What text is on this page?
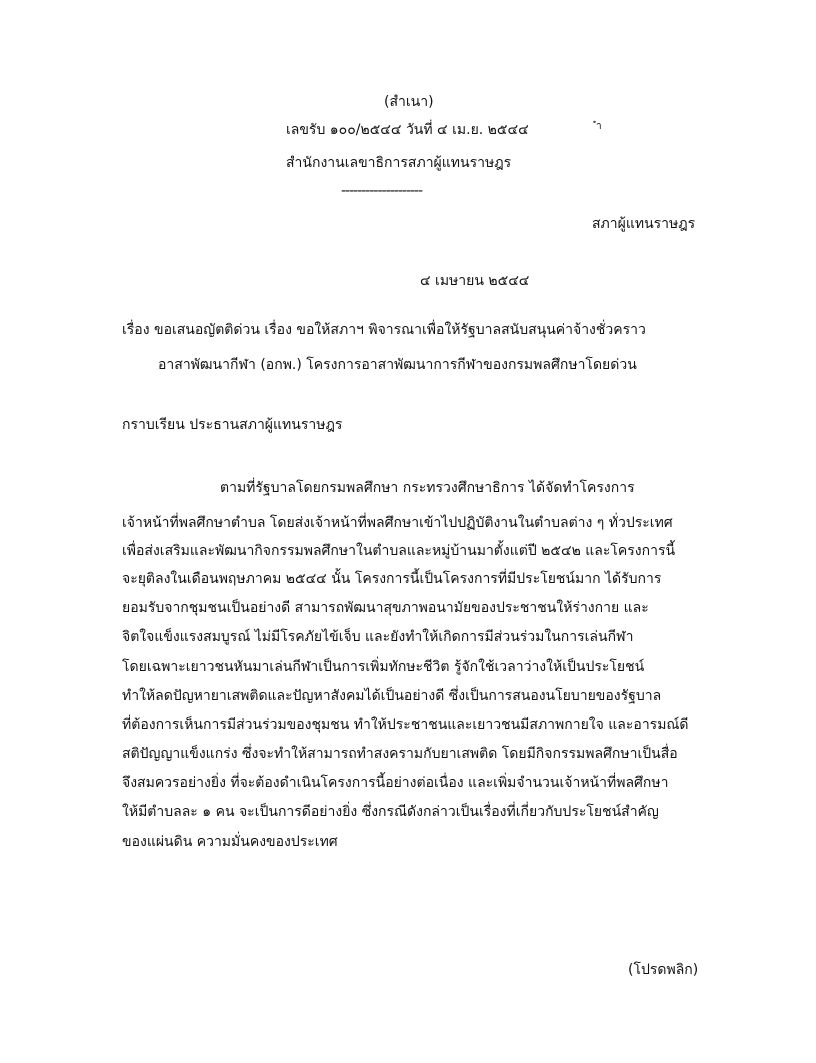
(สำเนา)
เลขรับ ๑๐๐/๒๕๔๔ วันที่ ๔ เม.ย. ๒๕๔๔	ำ
สำนักงานเลขาธิการสภาผู้แทนราษฎร
--------------------
สภาผู้แทนราษฎร
๔ เมษายน ๒๕๔๔
เรื่อง ขอเสนอญัตติด่วน เรื่อง ขอให้สภาฯ พิจารณาเพื่อให้รัฐบาลสนับสนุนค่าจ้างชั่วคราว
อาสาพัฒนากีฬา (อกพ.) โครงการอาสาพัฒนาการกีฬาของกรมพลศึกษาโดยด่วน
กราบเรียน ประธานสภาผู้แทนราษฎร
ตามที่รัฐบาลโดยกรมพลศึกษา กระทรวงศึกษาธิการ ได้จัดทำโครงการ
เจ้าหน้าที่พลศึกษาตำบล โดยส่งเจ้าหน้าที่พลศึกษาเข้าไปปฏิบัติงานในตำบลต่าง ๆ ทั่วประเทศ
เพื่อส่งเสริมและพัฒนากิจกรรมพลศึกษาในตำบลและหมู่บ้านมาตั้งแต่ปี ๒๕๔๒ และโครงการนี้
จะยุติลงในเดือนพฤษภาคม ๒๕๔๔ นั้น โครงการนี้เป็นโครงการที่มีประโยชน์มาก ได้รับการ
ยอมรับจากชุมชนเป็นอย่างดี สามารถพัฒนาสุขภาพอนามัยของประชาชนให้ร่างกาย และ
จิตใจแข็งแรงสมบูรณ์ ไม่มีโรคภัยไข้เจ็บ และยังทำให้เกิดการมีส่วนร่วมในการเล่นกีฬา
โดยเฉพาะเยาวชนหันมาเล่นกีฬาเป็นการเพิ่มทักษะชีวิต รู้จักใช้เวลาว่างให้เป็นประโยชน์
ทำให้ลดปัญหายาเสพติดและปัญหาสังคมได้เป็นอย่างดี ซึ่งเป็นการสนองนโยบายของรัฐบาล
ที่ต้องการเห็นการมีส่วนร่วมของชุมชน ทำให้ประชาชนและเยาวชนมีสภาพกายใจ และอารมณ์ดี
สติปัญญาแข็งแกร่ง ซึ่งจะทำให้สามารถทำสงครามกับยาเสพติด โดยมีกิจกรรมพลศึกษาเป็นสื่อ
จึงสมควรอย่างยิ่ง ที่จะต้องดำเนินโครงการนี้อย่างต่อเนื่อง และเพิ่มจำนวนเจ้าหน้าที่พลศึกษา
ให้มีตำบลละ ๑ คน จะเป็นการดีอย่างยิ่ง ซึ่งกรณีดังกล่าวเป็นเรื่องที่เกี่ยวกับประโยชน์สำคัญ
ของแผ่นดิน ความมั่นคงของประเทศ
(โปรดพลิก)
